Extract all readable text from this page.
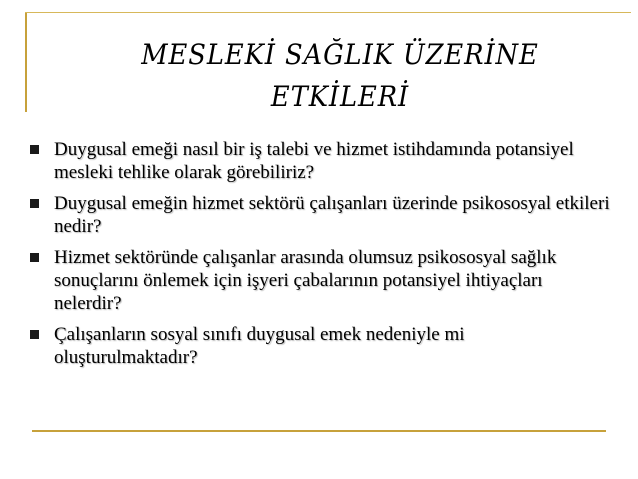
MESLEKİ SAĞLIK ÜZERİNE
ETKİLERİ
Duygusal emeği nasıl bir iş talebi ve hizmet istihdamında potansiyel mesleki tehlike olarak görebiliriz?
Duygusal emeğin hizmet sektörü çalışanları üzerinde psikososyal etkileri nedir?
Hizmet sektöründe çalışanlar arasında olumsuz psikososyal sağlık sonuçlarını önlemek için işyeri çabalarının potansiyel ihtiyaçları nelerdir?
Çalışanların sosyal sınıfı duygusal emek nedeniyle mi oluşturulmaktadır?
